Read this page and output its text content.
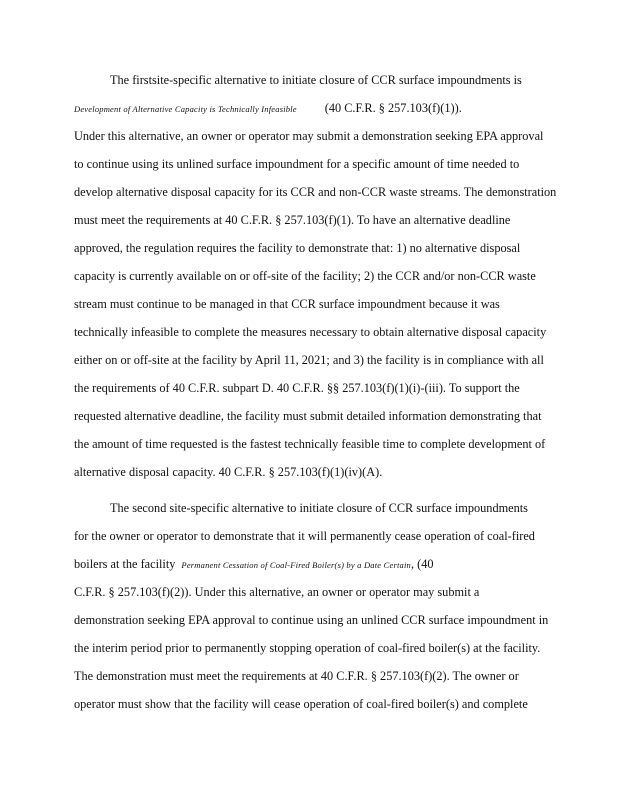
The firstsite-specific alternative to initiate closure of CCR surface impoundments is
Development of Alternative Capacity is Technically Infeasible (40 C.F.R. § 257.103(f)(1)).
Under this alternative, an owner or operator may submit a demonstration seeking EPA approval
to continue using its unlined surface impoundment for a specific amount of time needed to
develop alternative disposal capacity for its CCR and non-CCR waste streams. The demonstration
must meet the requirements at 40 C.F.R. § 257.103(f)(1). To have an alternative deadline
approved, the regulation requires the facility to demonstrate that: 1) no alternative disposal
capacity is currently available on or off-site of the facility; 2) the CCR and/or non-CCR waste
stream must continue to be managed in that CCR surface impoundment because it was
technically infeasible to complete the measures necessary to obtain alternative disposal capacity
either on or off-site at the facility by April 11, 2021; and 3) the facility is in compliance with all
the requirements of 40 C.F.R. subpart D. 40 C.F.R. §§ 257.103(f)(1)(i)-(iii). To support the
requested alternative deadline, the facility must submit detailed information demonstrating that
the amount of time requested is the fastest technically feasible time to complete development of
alternative disposal capacity. 40 C.F.R. § 257.103(f)(1)(iv)(A).
The second site-specific alternative to initiate closure of CCR surface impoundments
for the owner or operator to demonstrate that it will permanently cease operation of coal-fired
boilers at the facility Permanent Cessation of Coal-Fired Boiler(s) by a Date Certain, (40
C.F.R. § 257.103(f)(2)). Under this alternative, an owner or operator may submit a
demonstration seeking EPA approval to continue using an unlined CCR surface impoundment in
the interim period prior to permanently stopping operation of coal-fired boiler(s) at the facility.
The demonstration must meet the requirements at 40 C.F.R. § 257.103(f)(2). The owner or
operator must show that the facility will cease operation of coal-fired boiler(s) and complete
